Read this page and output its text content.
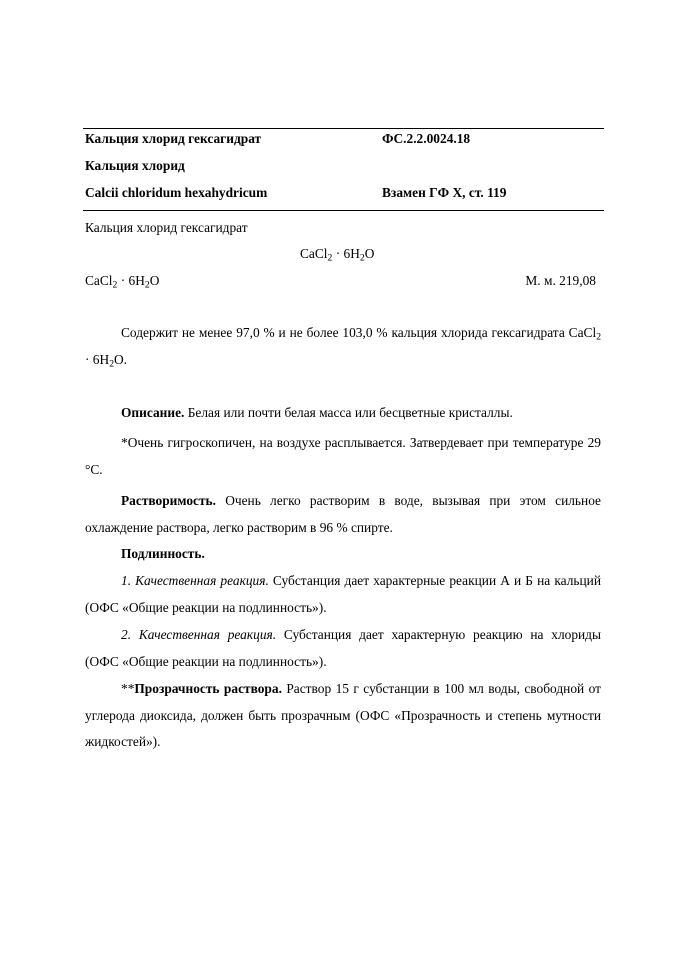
Кальция хлорид гексагидрат	ФС.2.2.0024.18
Кальция хлорид
Calcii chloridum hexahydricum	Взамен ГФ Х, ст. 119
Кальция хлорид гексагидрат
CaCl$_2$ · $6H_2O$
CaCl$_2$ · $6H_2O$	М. м. 219,08
Содержит не менее 97,0 % и не более 103,0 % кальция хлорида гексагидрата CaCl$_2$ · $6H_2O$.
Описание. Белая или почти белая масса или бесцветные кристаллы.
*Очень гигроскопичен, на воздухе расплывается. Затвердевает при температуре 29 °С.
Растворимость. Очень легко растворим в воде, вызывая при этом сильное охлаждение раствора, легко растворим в 96 % спирте.
Подлинность.
1. Качественная реакция. Субстанция дает характерные реакции А и Б на кальций (ОФС «Общие реакции на подлинность»).
2. Качественная реакция. Субстанция дает характерную реакцию на хлориды (ОФС «Общие реакции на подлинность»).
**Прозрачность раствора. Раствор 15 г субстанции в 100 мл воды, свободной от углерода диоксида, должен быть прозрачным (ОФС «Прозрачность и степень мутности жидкостей»).
